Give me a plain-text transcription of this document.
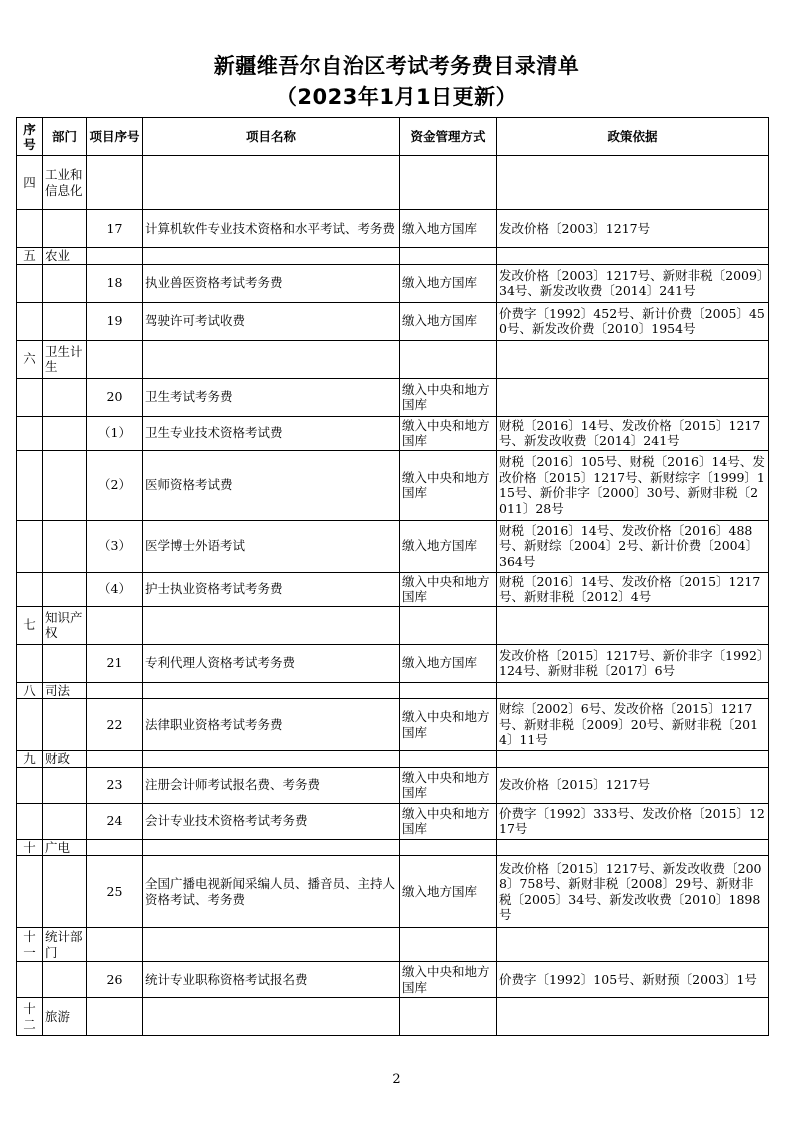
新疆维吾尔自治区考试考务费目录清单
（2023年1月1日更新）
序号	部门	项目序号	项目名称	资金管理方式	政策依据
四	工业和信息化				
		17	计算机软件专业技术资格和水平考试、考务费	缴入地方国库	发改价格〔2003〕1217号
五	农业				
		18	执业兽医资格考试考务费	缴入地方国库	发改价格〔2003〕1217号、新财非税〔2009〕34号、新发改收费〔2014〕241号
		19	驾驶许可考试收费	缴入地方国库	价费字〔1992〕452号、新计价费〔2005〕450号、新发改价费〔2010〕1954号
六	卫生计生				
		20	卫生考试考务费	缴入中央和地方国库	
		（1）	卫生专业技术资格考试费	缴入中央和地方国库	财税〔2016〕14号、发改价格〔2015〕1217号、新发改收费〔2014〕241号
		（2）	医师资格考试费	缴入中央和地方国库	财税〔2016〕105号、财税〔2016〕14号、发改价格〔2015〕1217号、新财综字〔1999〕115号、新价非字〔2000〕30号、新财非税〔2011〕28号
		（3）	医学博士外语考试	缴入地方国库	财税〔2016〕14号、发改价格〔2016〕488号、新财综〔2004〕2号、新计价费〔2004〕364号
		（4）	护士执业资格考试考务费	缴入中央和地方国库	财税〔2016〕14号、发改价格〔2015〕1217号、新财非税〔2012〕4号
七	知识产权				
		21	专利代理人资格考试考务费	缴入地方国库	发改价格〔2015〕1217号、新价非字〔1992〕124号、新财非税〔2017〕6号
八	司法				
		22	法律职业资格考试考务费	缴入中央和地方国库	财综〔2002〕6号、发改价格〔2015〕1217号、新财非税〔2009〕20号、新财非税〔2014〕11号
九	财政				
		23	注册会计师考试报名费、考务费	缴入中央和地方国库	发改价格〔2015〕1217号
		24	会计专业技术资格考试考务费	缴入中央和地方国库	价费字〔1992〕333号、发改价格〔2015〕1217号
十	广电				
		25	全国广播电视新闻采编人员、播音员、主持人资格考试、考务费	缴入地方国库	发改价格〔2015〕1217号、新发改收费〔2008〕758号、新财非税〔2008〕29号、新财非税〔2005〕34号、新发改收费〔2010〕1898号
十一	统计部门				
		26	统计专业职称资格考试报名费	缴入中央和地方国库	价费字〔1992〕105号、新财预〔2003〕1号
十二	旅游				
2
